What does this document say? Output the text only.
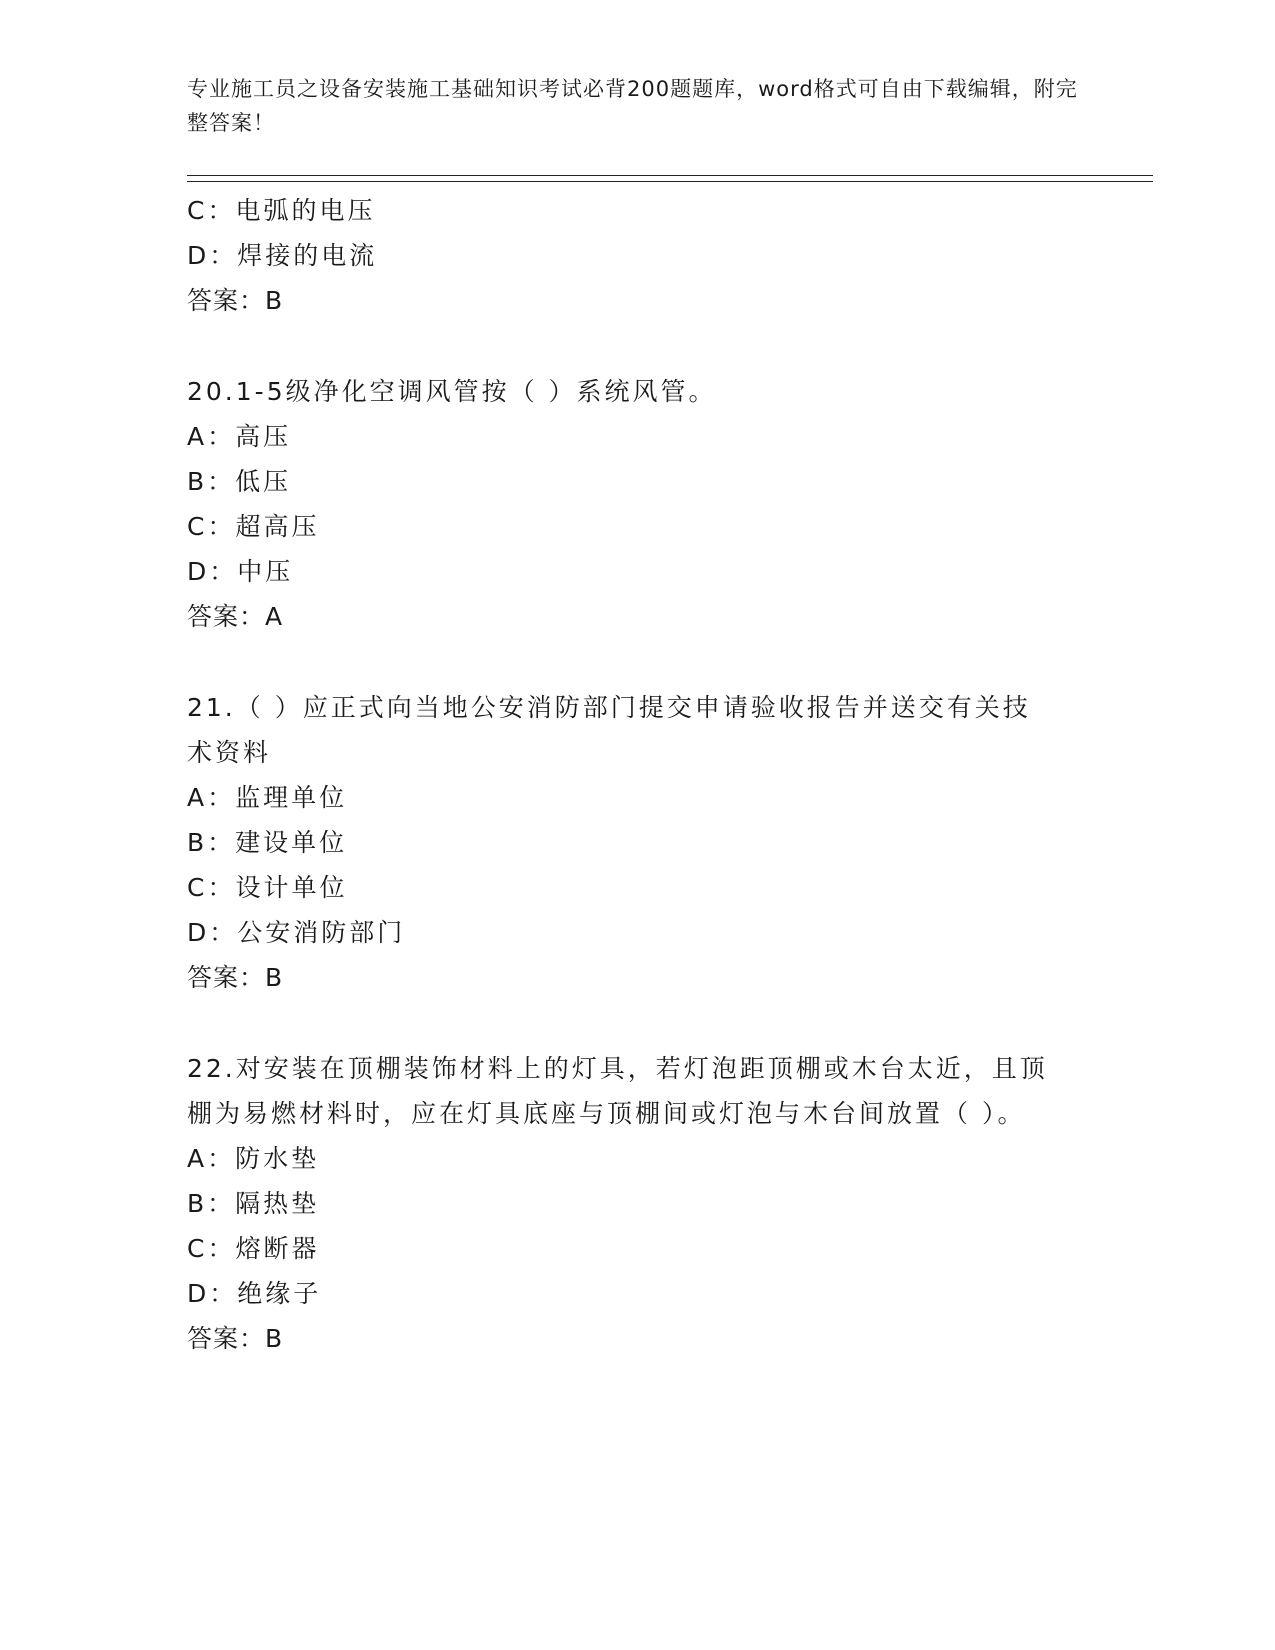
专业施工员之设备安装施工基础知识考试必背200题题库，word格式可自由下载编辑，附完整答案！
C：电弧的电压
D：焊接的电流
答案：B
20.1-5级净化空调风管按（ ）系统风管。
A：高压
B：低压
C：超高压
D：中压
答案：A
21.（ ）应正式向当地公安消防部门提交申请验收报告并送交有关技术资料
A：监理单位
B：建设单位
C：设计单位
D：公安消防部门
答案：B
22.对安装在顶棚装饰材料上的灯具，若灯泡距顶棚或木台太近，且顶棚为易燃材料时，应在灯具底座与顶棚间或灯泡与木台间放置（ ）。
A：防水垫
B：隔热垫
C：熔断器
D：绝缘子
答案：B
